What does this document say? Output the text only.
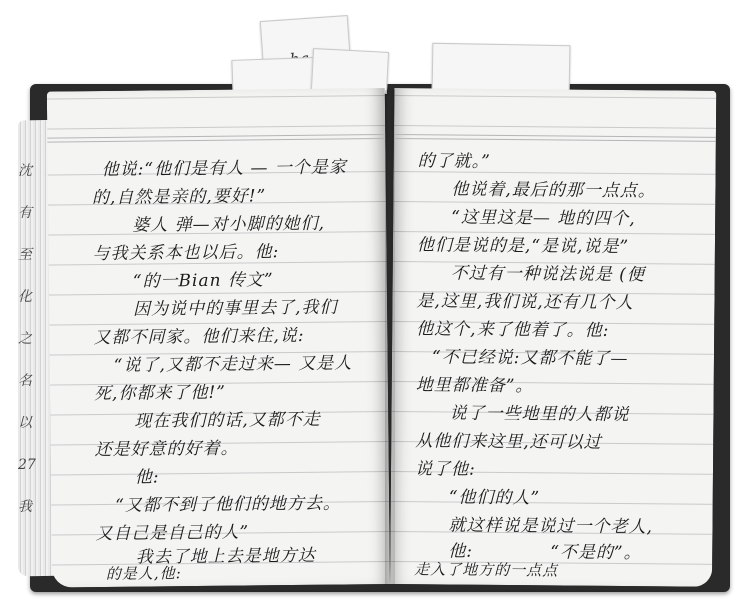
沈
有
至
化
之
名
以
27
我
他说:“他们是有人 — 一个是家
的,自然是亲的,要好!”
婆人 弹—对小脚的她们,
与我关系本也以后。他:
“的一Bian 传文”
因为说中的事里去了,我们
又都不同家。他们来住,说:
“说了,又都不走过来— 又是人
死,你都来了他!”
现在我们的话,又都不走
还是好意的好着。
他:
“又都不到了他们的地方去。
又自己是自己的人”
我去了地上去是地方达
的是人,他:
的了就。”
他说着,最后的那一点点。
“这里这是— 地的四个,
他们是说的是,“是说,说是”
不过有一种说法说是 (便
是,这里,我们说,还有几个人
他这个,来了他着了。他:
“不已经说:又都不能了—
地里都准备”。
说了一些地里的人都说
从他们来这里,还可以过
说了他:
“他们的人”
就这样说是说过一个老人,
他:	“不是的”。
走入了地方的一点点
